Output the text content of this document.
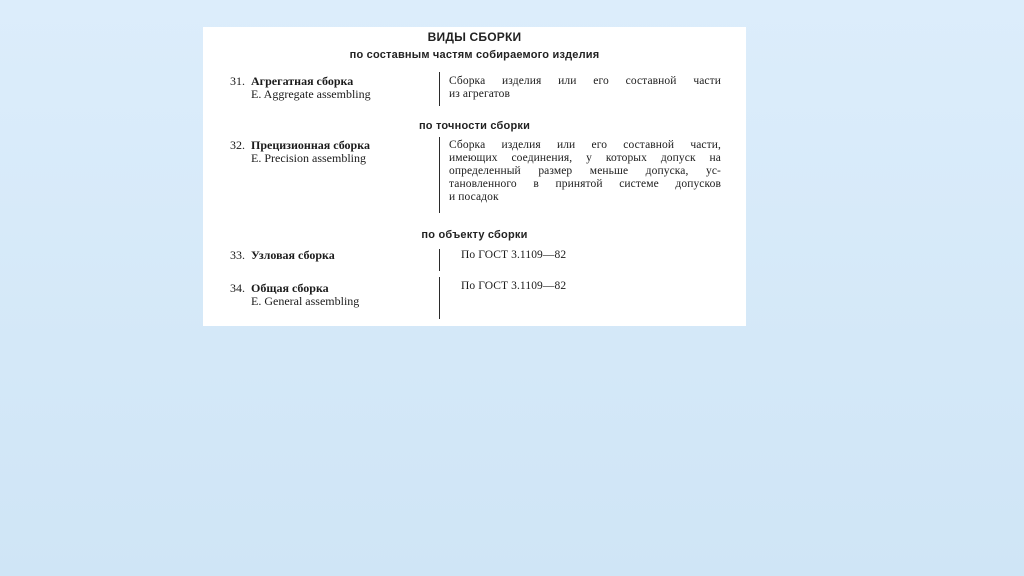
ВИДЫ СБОРКИ
по составным частям собираемого изделия
31. Агрегатная сборка
E. Aggregate assembling
Сборка изделия или его составной части
из агрегатов
по точности сборки
32. Прецизионная сборка
E. Precision assembling
Сборка изделия или его составной части,
имеющих соединения, у которых допуск на
определенный размер меньше допуска, ус-
тановленного в принятой системе допусков
и посадок
по объекту сборки
33. Узловая сборка	По ГОСТ 3.1109—82
34. Общая сборка
E. General assembling
По ГОСТ 3.1109—82
